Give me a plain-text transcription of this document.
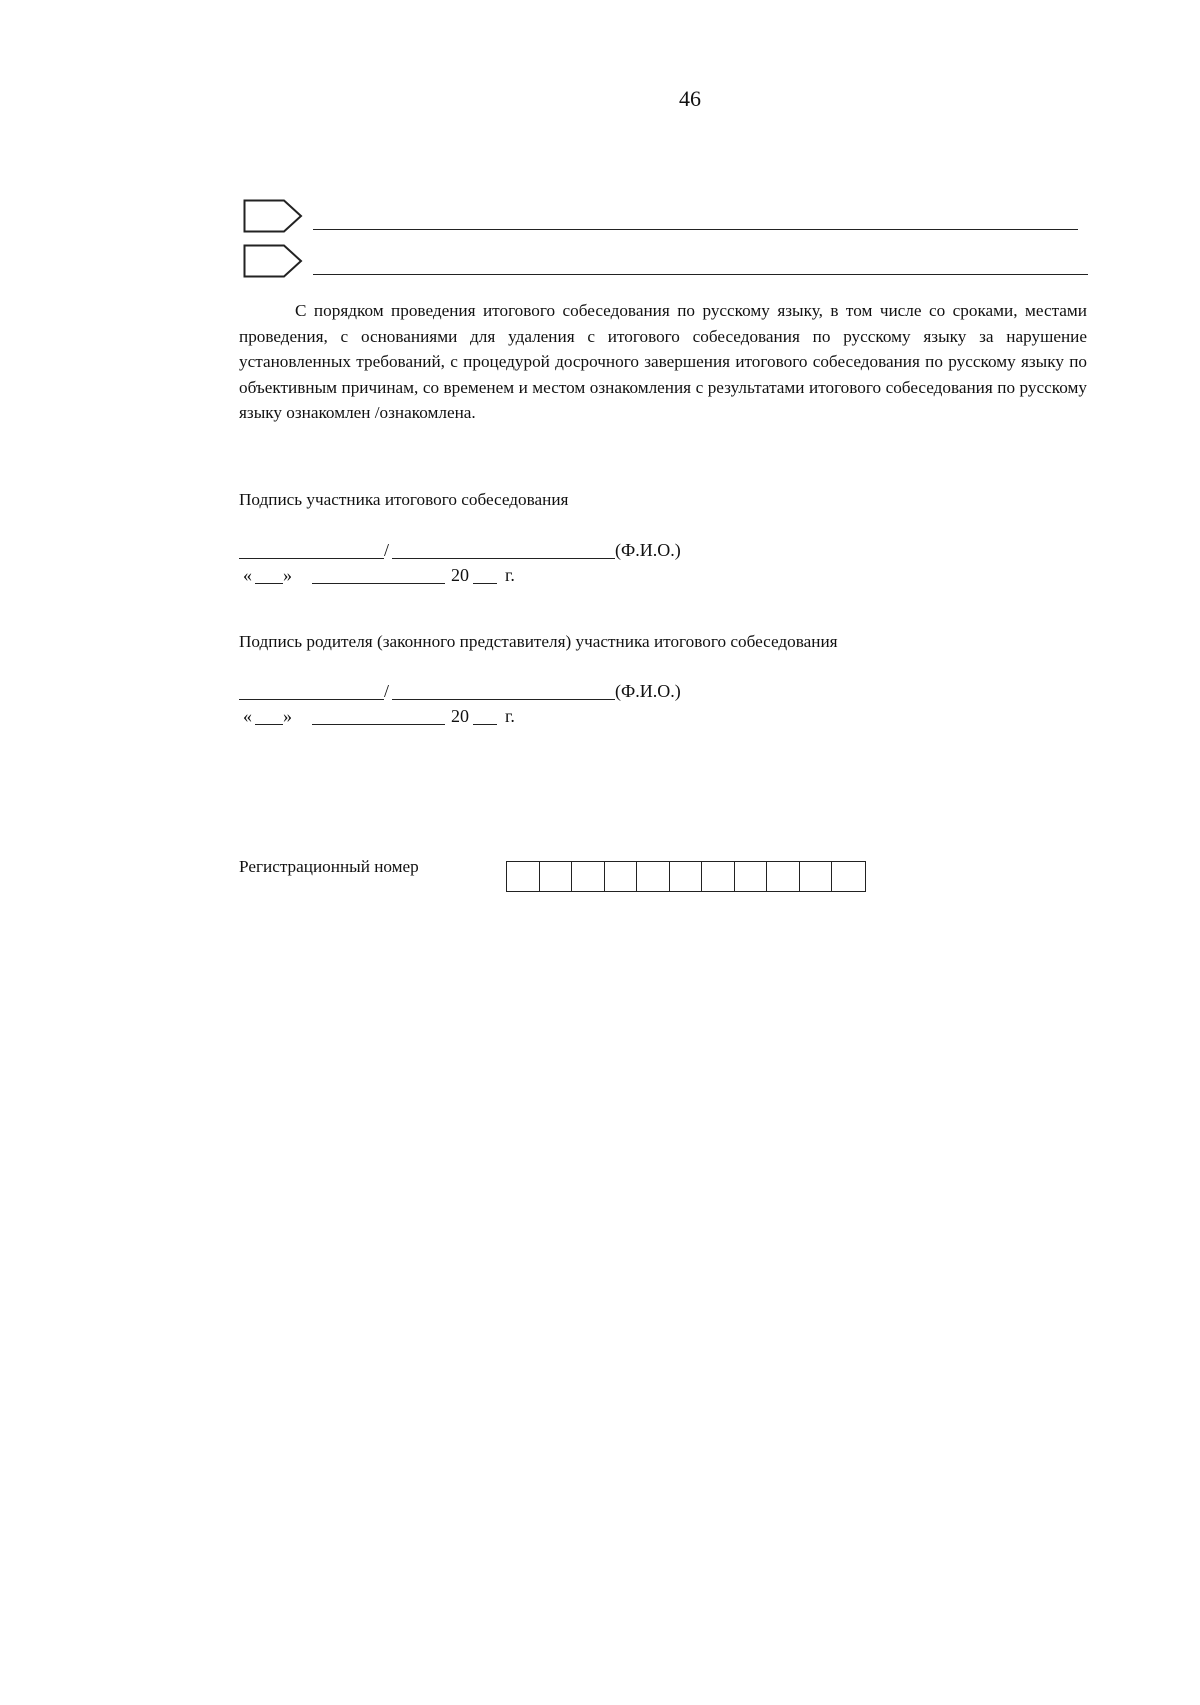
46

С порядком проведения итогового собеседования по русскому языку, в том числе со сроками, местами проведения, с основаниями для удаления с итогового собеседования по русскому языку за нарушение установленных требований, с процедурой досрочного завершения итогового собеседования по русскому языку по объективным причинам, со временем и местом ознакомления с результатами итогового собеседования по русскому языку ознакомлен /ознакомлена.

Подпись участника итогового собеседования
/	(Ф.И.О.)
« »	20 г.
Подпись родителя (законного представителя) участника итогового собеседования
/	(Ф.И.О.)
« »	20 г.
Регистрационный номер
